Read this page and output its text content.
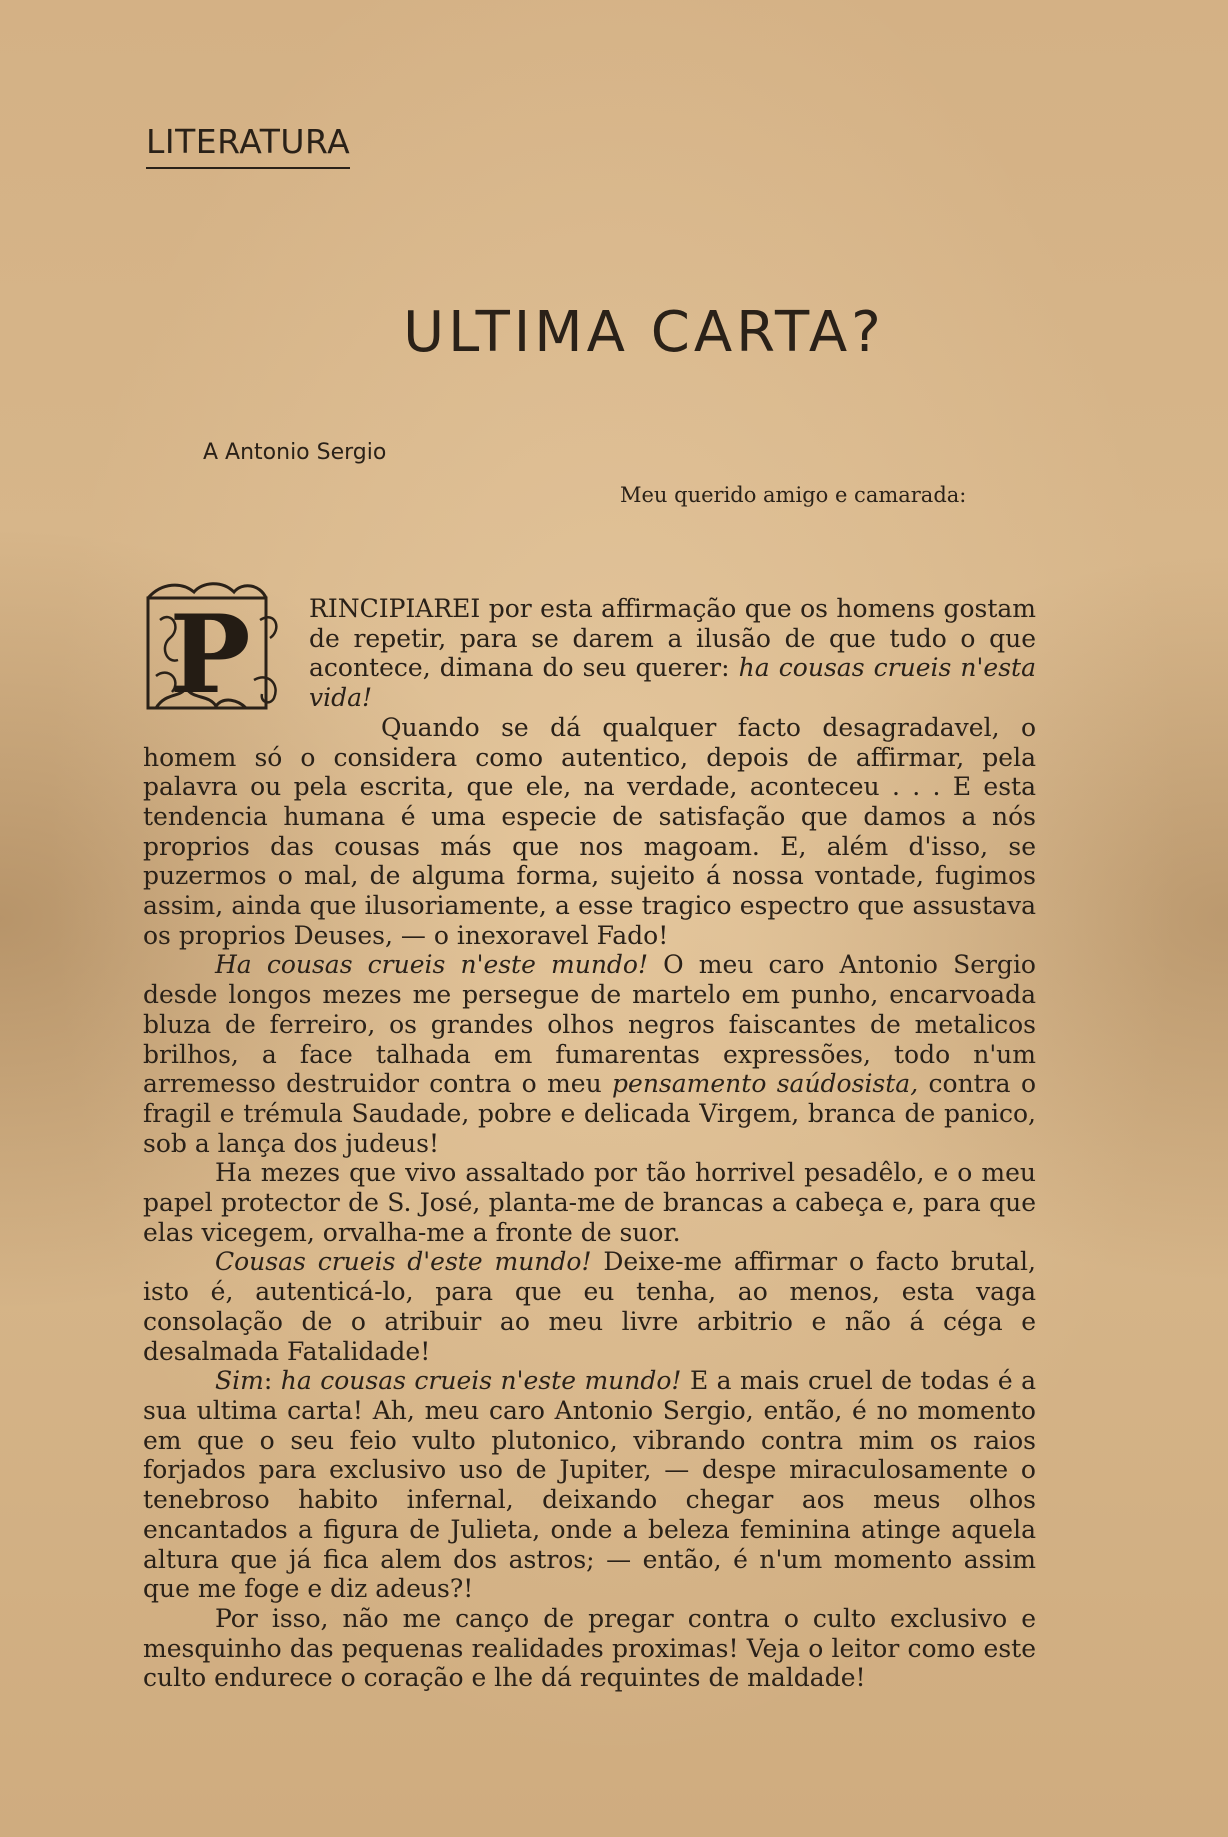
LITERATURA
ULTIMA CARTA?
A Antonio Sergio
Meu querido amigo e camarada:
P	RINCIPIAREI por esta affirmação que os homens gostam de repetir, para se darem a ilusão de que tudo o que acontece, dimana do seu querer: ha cousas crueis n'esta vida!

Quando se dá qualquer facto desagradavel, o homem só o considera como autentico, depois de affirmar, pela palavra ou pela escrita, que ele, na verdade, aconteceu . . . E esta tendencia humana é uma especie de satisfação que damos a nós proprios das cousas más que nos magoam. E, além d'isso, se puzermos o mal, de alguma forma, sujeito á nossa vontade, fugimos assim, ainda que ilusoriamente, a esse tragico espectro que assustava os proprios Deuses, — o inexoravel Fado!

Ha cousas crueis n'este mundo! O meu caro Antonio Sergio desde longos mezes me persegue de martelo em punho, encarvoada bluza de ferreiro, os grandes olhos negros faiscantes de metalicos brilhos, a face talhada em fumarentas expressões, todo n'um arremesso destruidor contra o meu pensamento saúdosista, contra o fragil e trémula Saudade, pobre e delicada Virgem, branca de panico, sob a lança dos judeus!

Ha mezes que vivo assaltado por tão horrivel pesadêlo, e o meu papel protector de S. José, planta-me de brancas a cabeça e, para que elas vicegem, orvalha-me a fronte de suor.

Cousas crueis d'este mundo! Deixe-me affirmar o facto brutal, isto é, autenticá-lo, para que eu tenha, ao menos, esta vaga consolação de o atribuir ao meu livre arbitrio e não á céga e desalmada Fatalidade!

Sim: ha cousas crueis n'este mundo! E a mais cruel de todas é a sua ultima carta! Ah, meu caro Antonio Sergio, então, é no momento em que o seu feio vulto plutonico, vibrando contra mim os raios forjados para exclusivo uso de Jupiter, — despe miraculosamente o tenebroso habito infernal, deixando chegar aos meus olhos encantados a figura de Julieta, onde a beleza feminina atinge aquela altura que já fica alem dos astros; — então, é n'um momento assim que me foge e diz adeus?!

Por isso, não me canço de pregar contra o culto exclusivo e mesquinho das pequenas realidades proximas! Veja o leitor como este culto endurece o coração e lhe dá requintes de maldade!
